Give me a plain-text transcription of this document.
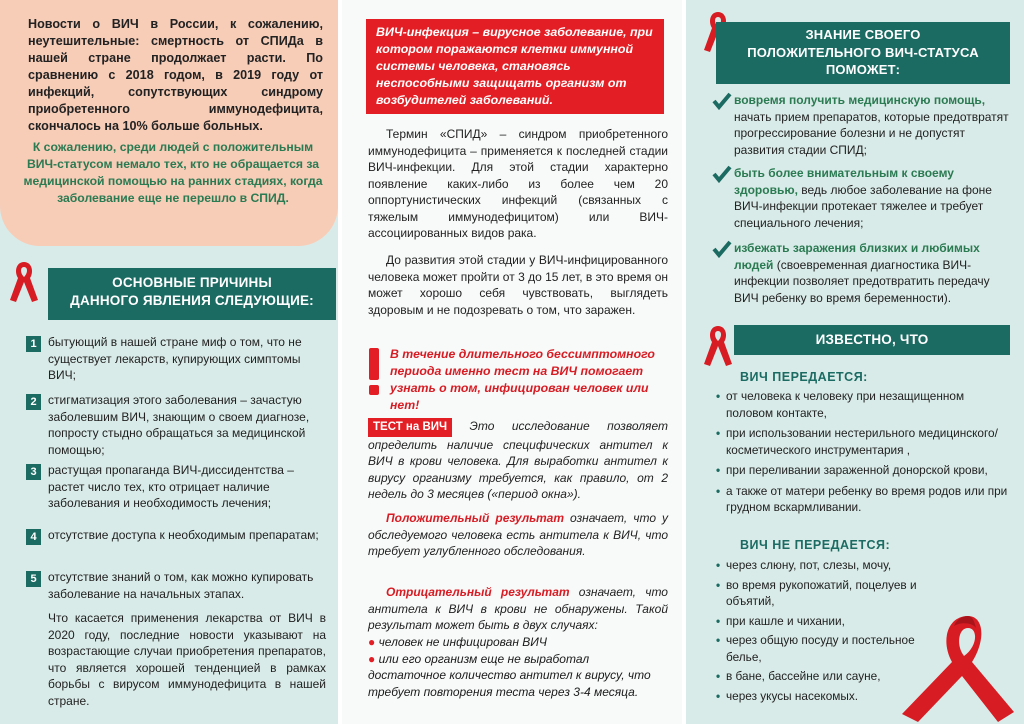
Новости о ВИЧ в России, к сожалению, неутешительные: смертность от СПИДа в нашей стране продолжает расти. По сравнению с 2018 годом, в 2019 году от инфекций, сопутствующих синдрому приобретенного иммунодефицита, скончалось на 10% больше больных.
К сожалению, среди людей с положительным ВИЧ-статусом немало тех, кто не обращается за медицинской помощью на ранних стадиях, когда заболевание еще не перешло в СПИД.
ОСНОВНЫЕ ПРИЧИНЫ
ДАННОГО ЯВЛЕНИЯ СЛЕДУЮЩИЕ:
1 бытующий в нашей стране миф о том, что не существует лекарств, купирующих симптомы ВИЧ;
2 стигматизация этого заболевания – зачастую заболевшим ВИЧ, знающим о своем диагнозе, попросту стыдно обращаться за медицинской помощью;
3 растущая пропаганда ВИЧ-диссидентства – растет число тех, кто отрицает наличие заболевания и необходимость лечения;
4 отсутствие доступа к необходимым препаратам;
5 отсутствие знаний о том, как можно купировать заболевание на начальных этапах.
Что касается применения лекарства от ВИЧ в 2020 году, последние новости указывают на возрастающие случаи приобретения препаратов, что является хорошей тенденцией в рамках борьбы с вирусом иммунодефицита в нашей стране.
ВИЧ-инфекция – вирусное заболевание, при котором поражаются клетки иммунной системы человека, становясь неспособными защищать организм от возбудителей заболеваний.
Термин «СПИД» – синдром приобретенного иммунодефицита – применяется к последней стадии ВИЧ-инфекции. Для этой стадии характерно появление каких-либо из более чем 20 оппортунистических инфекций (связанных с тяжелым иммунодефицитом) или ВИЧ-ассоциированных видов рака.
До развития этой стадии у ВИЧ-инфицированного человека может пройти от 3 до 15 лет, в это время он может хорошо себя чувствовать, выглядеть здоровым и не подозревать о том, что заражен.
В течение длительного бессимптомного периода именно тест на ВИЧ помогает узнать о том, инфицирован человек или нет!
ТЕСТ на ВИЧ Это исследование позволяет определить наличие специфических антител к ВИЧ в крови человека. Для выработки антител к вирусу организму требуется, как правило, от 2 недель до 3 месяцев («период окна»).
Положительный результат означает, что у обследуемого человека есть антитела к ВИЧ, что требует углубленного обследования.
Отрицательный результат означает, что антитела к ВИЧ в крови не обнаружены. Такой результат может быть в двух случаях:
● человек не инфицирован ВИЧ
● или его организм еще не выработал достаточное количество антител к вирусу, что требует повторения теста через 3-4 месяца.
ЗНАНИЕ СВОЕГО
ПОЛОЖИТЕЛЬНОГО ВИЧ-СТАТУСА
ПОМОЖЕТ:
вовремя получить медицинскую помощь, начать прием препаратов, которые предотвратят прогрессирование болезни и не допустят развития стадии СПИД;
быть более внимательным к своему здоровью, ведь любое заболевание на фоне ВИЧ-инфекции протекает тяжелее и требует специального лечения;
избежать заражения близких и любимых людей (своевременная диагностика ВИЧ-инфекции позволяет предотвратить передачу ВИЧ ребенку во время беременности).
ИЗВЕСТНО, ЧТО
ВИЧ ПЕРЕДАЕТСЯ:
• от человека к человеку при незащищенном половом контакте,
• при использовании нестерильного медицинского/косметического инструментария ,
• при переливании зараженной донорской крови,
• а также от матери ребенку во время родов или при грудном вскармливании.
ВИЧ НЕ ПЕРЕДАЕТСЯ:
• через слюну, пот, слезы, мочу,
• во время рукопожатий, поцелуев и объятий,
• при кашле и чихании,
• через общую посуду и постельное белье,
• в бане, бассейне или сауне,
• через укусы насекомых.
